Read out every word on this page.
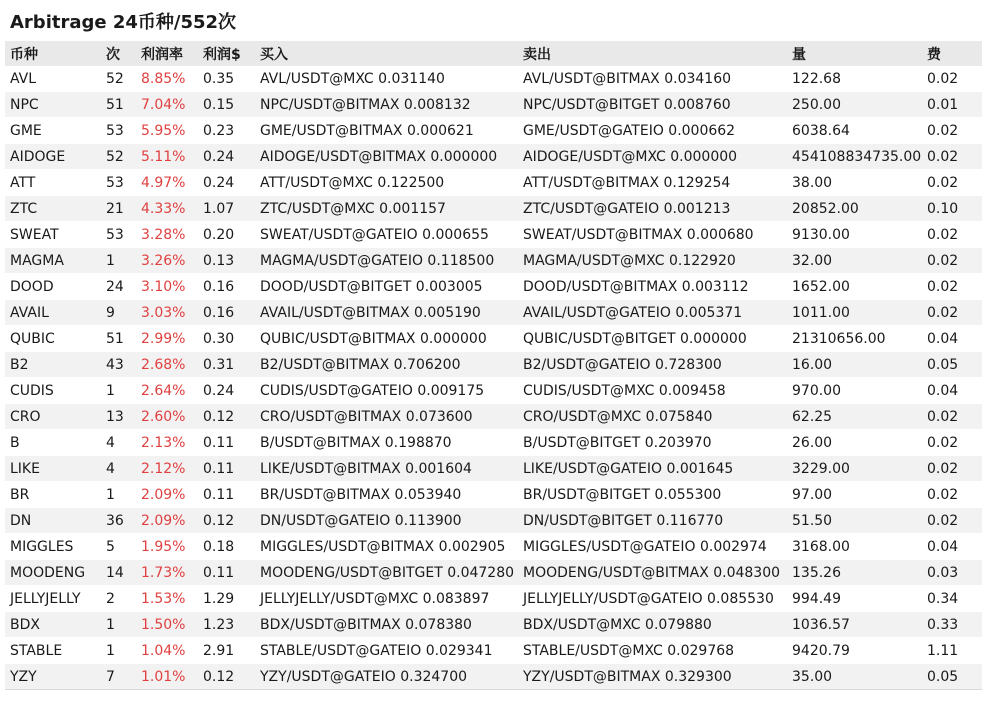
Arbitrage 24币种/552次
币种	次	利润率	利润$	买入	卖出	量	费
AVL	52	8.85%	0.35	AVL/USDT@MXC 0.031140	AVL/USDT@BITMAX 0.034160	122.68	0.02
NPC	51	7.04%	0.15	NPC/USDT@BITMAX 0.008132	NPC/USDT@BITGET 0.008760	250.00	0.01
GME	53	5.95%	0.23	GME/USDT@BITMAX 0.000621	GME/USDT@GATEIO 0.000662	6038.64	0.02
AIDOGE	52	5.11%	0.24	AIDOGE/USDT@BITMAX 0.000000	AIDOGE/USDT@MXC 0.000000	454108834735.00	0.02
ATT	53	4.97%	0.24	ATT/USDT@MXC 0.122500	ATT/USDT@BITMAX 0.129254	38.00	0.02
ZTC	21	4.33%	1.07	ZTC/USDT@MXC 0.001157	ZTC/USDT@GATEIO 0.001213	20852.00	0.10
SWEAT	53	3.28%	0.20	SWEAT/USDT@GATEIO 0.000655	SWEAT/USDT@BITMAX 0.000680	9130.00	0.02
MAGMA	1	3.26%	0.13	MAGMA/USDT@GATEIO 0.118500	MAGMA/USDT@MXC 0.122920	32.00	0.02
DOOD	24	3.10%	0.16	DOOD/USDT@BITGET 0.003005	DOOD/USDT@BITMAX 0.003112	1652.00	0.02
AVAIL	9	3.03%	0.16	AVAIL/USDT@BITMAX 0.005190	AVAIL/USDT@GATEIO 0.005371	1011.00	0.02
QUBIC	51	2.99%	0.30	QUBIC/USDT@BITMAX 0.000000	QUBIC/USDT@BITGET 0.000000	21310656.00	0.04
B2	43	2.68%	0.31	B2/USDT@BITMAX 0.706200	B2/USDT@GATEIO 0.728300	16.00	0.05
CUDIS	1	2.64%	0.24	CUDIS/USDT@GATEIO 0.009175	CUDIS/USDT@MXC 0.009458	970.00	0.04
CRO	13	2.60%	0.12	CRO/USDT@BITMAX 0.073600	CRO/USDT@MXC 0.075840	62.25	0.02
B	4	2.13%	0.11	B/USDT@BITMAX 0.198870	B/USDT@BITGET 0.203970	26.00	0.02
LIKE	4	2.12%	0.11	LIKE/USDT@BITMAX 0.001604	LIKE/USDT@GATEIO 0.001645	3229.00	0.02
BR	1	2.09%	0.11	BR/USDT@BITMAX 0.053940	BR/USDT@BITGET 0.055300	97.00	0.02
DN	36	2.09%	0.12	DN/USDT@GATEIO 0.113900	DN/USDT@BITGET 0.116770	51.50	0.02
MIGGLES	5	1.95%	0.18	MIGGLES/USDT@BITMAX 0.002905	MIGGLES/USDT@GATEIO 0.002974	3168.00	0.04
MOODENG	14	1.73%	0.11	MOODENG/USDT@BITGET 0.047280	MOODENG/USDT@BITMAX 0.048300	135.26	0.03
JELLYJELLY	2	1.53%	1.29	JELLYJELLY/USDT@MXC 0.083897	JELLYJELLY/USDT@GATEIO 0.085530	994.49	0.34
BDX	1	1.50%	1.23	BDX/USDT@BITMAX 0.078380	BDX/USDT@MXC 0.079880	1036.57	0.33
STABLE	1	1.04%	2.91	STABLE/USDT@GATEIO 0.029341	STABLE/USDT@MXC 0.029768	9420.79	1.11
YZY	7	1.01%	0.12	YZY/USDT@GATEIO 0.324700	YZY/USDT@BITMAX 0.329300	35.00	0.05
